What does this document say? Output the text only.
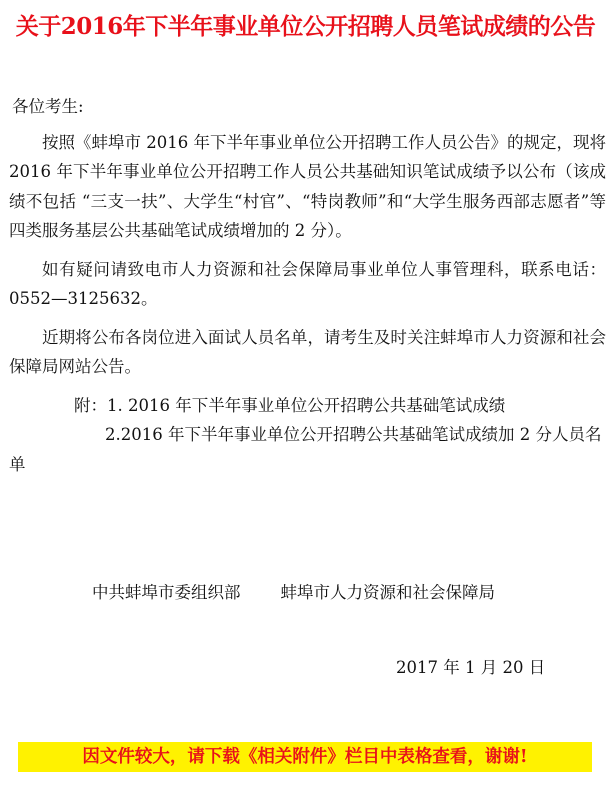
关于2016年下半年事业单位公开招聘人员笔试成绩的公告

各位考生:

按照《蚌埠市 2016 年下半年事业单位公开招聘工作人员公告》的规定，现将 2016 年下半年事业单位公开招聘工作人员公共基础知识笔试成绩予以公布（该成绩不包括 “三支一扶”、大学生“村官”、“特岗教师”和“大学生服务西部志愿者”等四类服务基层公共基础笔试成绩增加的 2 分）。

如有疑问请致电市人力资源和社会保障局事业单位人事管理科，联系电话：0552—3125632。

近期将公布各岗位进入面试人员名单，请考生及时关注蚌埠市人力资源和社会保障局网站公告。

附：1. 2016 年下半年事业单位公开招聘公共基础笔试成绩

2.2016 年下半年事业单位公开招聘公共基础笔试成绩加 2 分人员名单

中共蚌埠市委组织部 蚌埠市人力资源和社会保障局
2017 年 1 月 20 日
因文件较大，请下载《相关附件》栏目中表格查看，谢谢!
